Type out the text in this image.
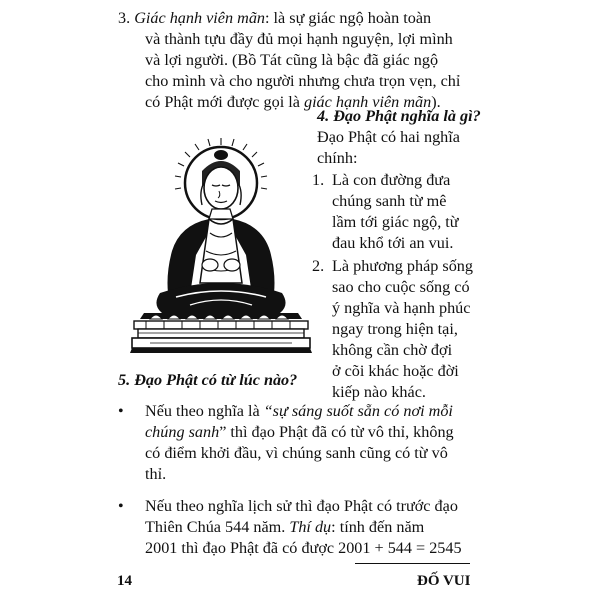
3. Giác hạnh viên mãn: là sự giác ngộ hoàn toàn
và thành tựu đầy đủ mọi hạnh nguyện, lợi mình
và lợi người. (Bồ Tát cũng là bậc đã giác ngộ
cho mình và cho người nhưng chưa trọn vẹn, chỉ
có Phật mới được gọi là giác hạnh viên mãn).
4. Đạo Phật nghĩa là gì?
Đạo Phật có hai nghĩa
chính:
1. Là con đường đưa
chúng sanh từ mê
lầm tới giác ngộ, từ
đau khổ tới an vui.
2. Là phương pháp sống
sao cho cuộc sống có
ý nghĩa và hạnh phúc
ngay trong hiện tại,
không cần chờ đợi
ở cõi khác hoặc đời
kiếp nào khác.
5. Đạo Phật có từ lúc nào?
• Nếu theo nghĩa là “sự sáng suốt sẵn có nơi mỗi
chúng sanh” thì đạo Phật đã có từ vô thỉ, không
có điểm khởi đầu, vì chúng sanh cũng có từ vô
thỉ.
• Nếu theo nghĩa lịch sử thì đạo Phật có trước đạo
Thiên Chúa 544 năm. Thí dụ: tính đến năm
2001 thì đạo Phật đã có được 2001 + 544 = 2545
14	ĐỐ VUI
